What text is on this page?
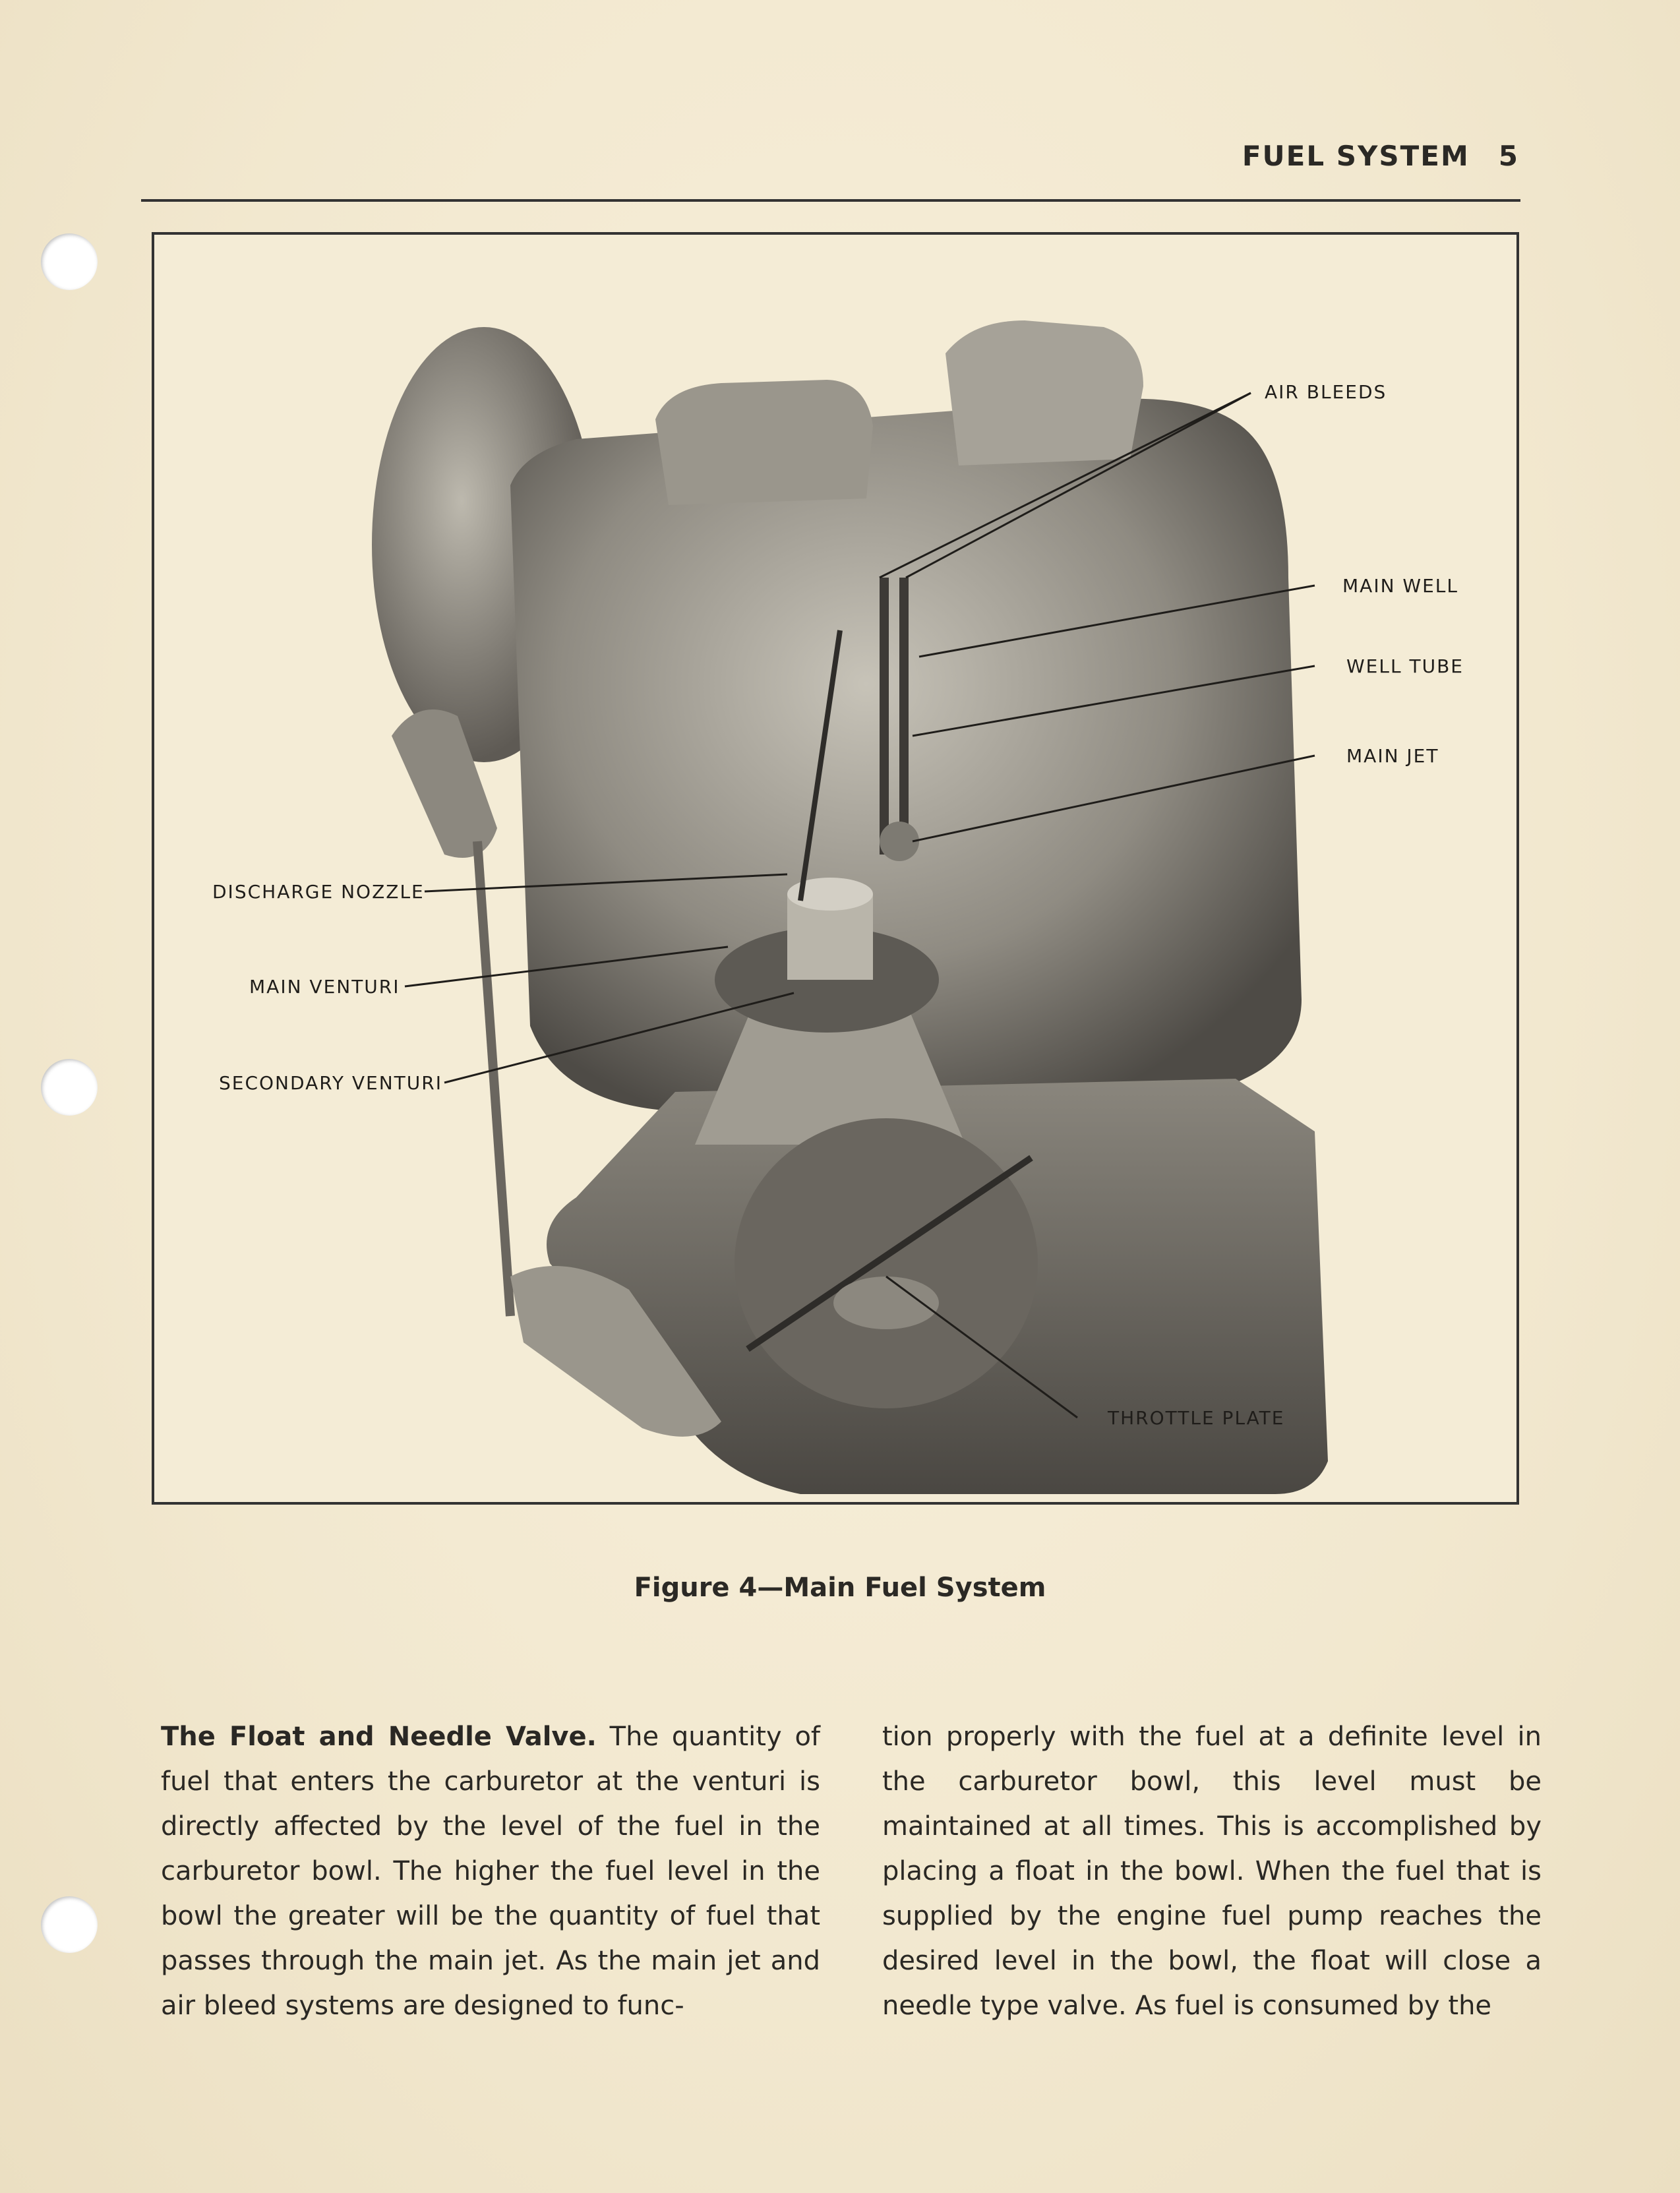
FUEL SYSTEM 5
AIR BLEEDS
MAIN WELL
WELL TUBE
MAIN JET
DISCHARGE NOZZLE
MAIN VENTURI
SECONDARY VENTURI
THROTTLE PLATE
Figure 4—Main Fuel System
The Float and Needle Valve. The quantity of fuel that enters the carburetor at the venturi is directly affected by the level of the fuel in the carburetor bowl. The higher the fuel level in the bowl the greater will be the quantity of fuel that passes through the main jet. As the main jet and air bleed systems are designed to func-
tion properly with the fuel at a definite level in the carburetor bowl, this level must be maintained at all times. This is accomplished by placing a float in the bowl. When the fuel that is supplied by the engine fuel pump reaches the desired level in the bowl, the float will close a needle type valve. As fuel is consumed by the
